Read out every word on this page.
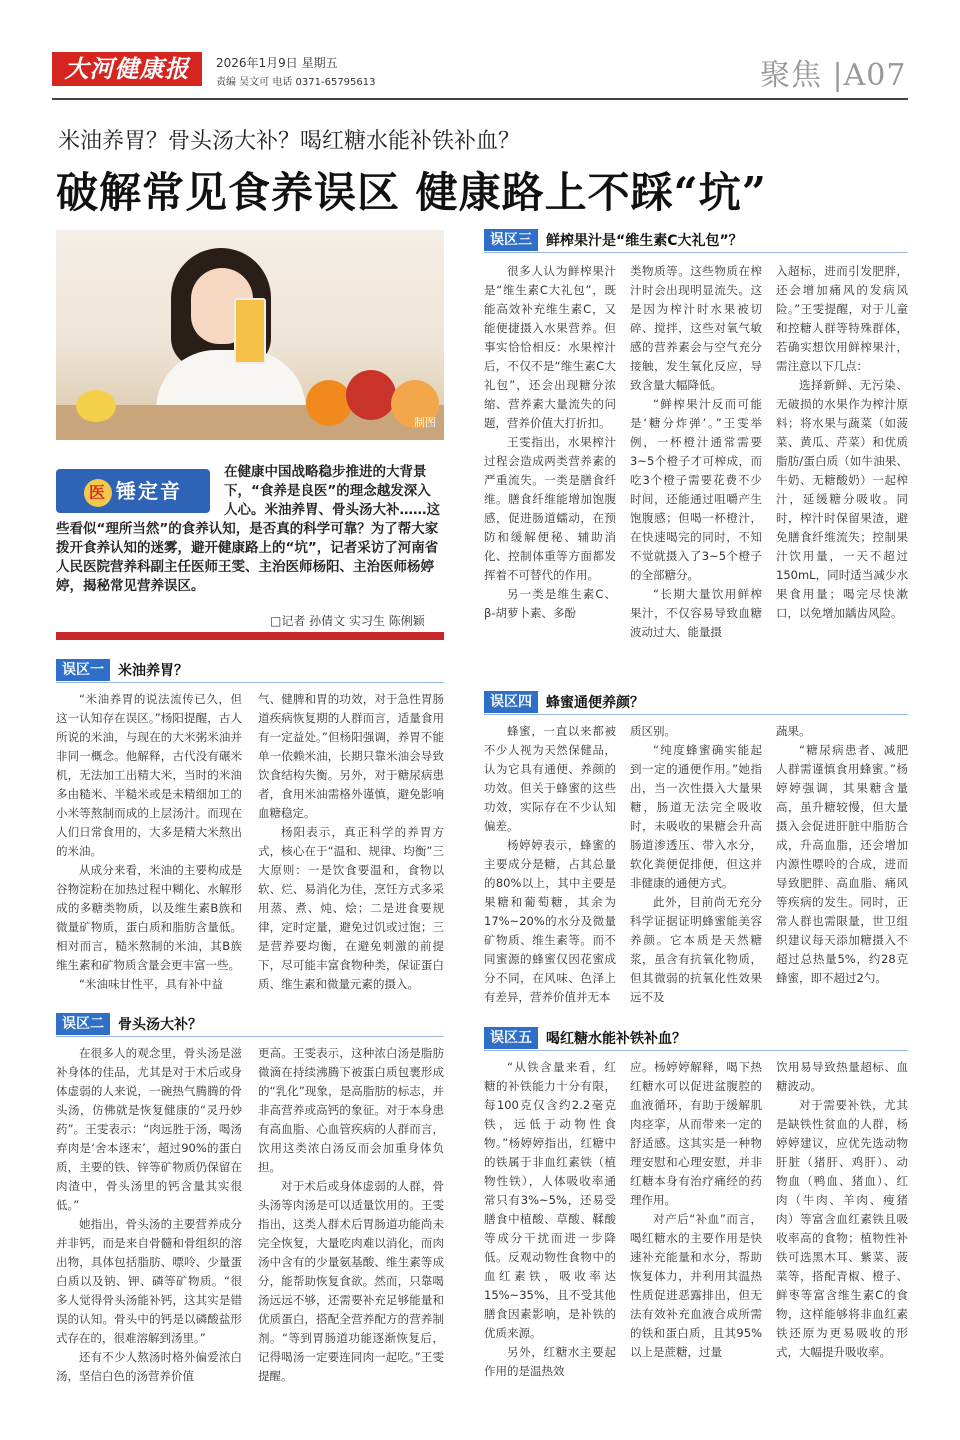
大河健康报	2026年1月9日 星期五
责编 吴文可 电话 0371-65795613	聚焦 |A07
米油养胃？骨头汤大补？喝红糖水能补铁补血？
破解常见食养误区 健康路上不踩“坑”
制图
在健康中国战略稳步推进的大背景下，“食养是良医”的理念越发深入人心。米油养胃、骨头汤大补……这些看似“理所当然”的食养认知，是否真的科学可靠？为了帮大家拨开食养认知的迷雾，避开健康路上的“坑”，记者采访了河南省人民医院营养科副主任医师王雯、主治医师杨阳、主治医师杨婷婷，揭秘常见营养误区。
医 锤定音
□记者 孙倩文 实习生 陈俐颖
误区一	米油养胃？

“米油养胃的说法流传已久，但这一认知存在误区。”杨阳提醒，古人所说的米油，与现在的大米粥米油并非同一概念。他解释，古代没有碾米机，无法加工出精大米，当时的米油多由糙米、半糙米或是未精细加工的小米等熬制而成的上层汤汁。而现在人们日常食用的，大多是精大米熬出的米油。

从成分来看，米油的主要构成是谷物淀粉在加热过程中糊化、水解形成的多糖类物质，以及维生素B族和微量矿物质，蛋白质和脂肪含量低。相对而言，糙米熬制的米油，其B族维生素和矿物质含量会更丰富一些。

“米油味甘性平，具有补中益

气、健脾和胃的功效，对于急性胃肠道疾病恢复期的人群而言，适量食用有一定益处。”但杨阳强调，养胃不能单一依赖米油，长期只靠米油会导致饮食结构失衡。另外，对于糖尿病患者，食用米油需格外谨慎，避免影响血糖稳定。

杨阳表示，真正科学的养胃方式，核心在于“温和、规律、均衡”三大原则：一是饮食要温和，食物以软、烂、易消化为佳，烹饪方式多采用蒸、煮、炖、烩；二是进食要规律，定时定量，避免过饥或过饱；三是营养要均衡，在避免刺激的前提下，尽可能丰富食物种类，保证蛋白质、维生素和微量元素的摄入。

误区二	骨头汤大补？

在很多人的观念里，骨头汤是滋补身体的佳品，尤其是对于术后或身体虚弱的人来说，一碗热气腾腾的骨头汤，仿佛就是恢复健康的“灵丹妙药”。王雯表示：“肉远胜于汤，喝汤弃肉是‘舍本逐末’，超过90%的蛋白质，主要的铁、锌等矿物质仍保留在肉渣中，骨头汤里的钙含量其实很低。”

她指出，骨头汤的主要营养成分并非钙，而是来自骨髓和骨组织的溶出物，具体包括脂肪、嘌呤、少量蛋白质以及钠、钾、磷等矿物质。“很多人觉得骨头汤能补钙，这其实是错误的认知。骨头中的钙是以磷酸盐形式存在的，很难溶解到汤里。”

还有不少人熬汤时格外偏爱浓白汤，坚信白色的汤营养价值

更高。王雯表示，这种浓白汤是脂肪微滴在持续沸腾下被蛋白质包裹形成的“乳化”现象，是高脂肪的标志，并非高营养或高钙的象征。对于本身患有高血脂、心血管疾病的人群而言，饮用这类浓白汤反而会加重身体负担。

对于术后或身体虚弱的人群，骨头汤等肉汤是可以适量饮用的。王雯指出，这类人群术后胃肠道功能尚未完全恢复，大量吃肉难以消化，而肉汤中含有的少量氨基酸、维生素等成分，能帮助恢复食欲。然而，只靠喝汤远远不够，还需要补充足够能量和优质蛋白，搭配全营养配方的营养制剂。“等到胃肠道功能逐渐恢复后，记得喝汤一定要连同肉一起吃。”王雯提醒。

误区三	鲜榨果汁是“维生素C大礼包”？

很多人认为鲜榨果汁是“维生素C大礼包”，既能高效补充维生素C，又能便捷摄入水果营养。但事实恰恰相反：水果榨汁后，不仅不是“维生素C大礼包”，还会出现糖分浓缩、营养素大量流失的问题，营养价值大打折扣。

王雯指出，水果榨汁过程会造成两类营养素的严重流失。一类是膳食纤维。膳食纤维能增加饱腹感，促进肠道蠕动，在预防和缓解便秘、辅助消化、控制体重等方面都发挥着不可替代的作用。

另一类是维生素C、β-胡萝卜素、多酚

类物质等。这些物质在榨汁时会出现明显流失。这是因为榨汁时水果被切碎、搅拌，这些对氧气敏感的营养素会与空气充分接触，发生氧化反应，导致含量大幅降低。

“鲜榨果汁反而可能是‘糖分炸弹’。”王雯举例，一杯橙汁通常需要3~5个橙子才可榨成，而吃3个橙子需要花费不少时间，还能通过咀嚼产生饱腹感；但喝一杯橙汁，在快速喝完的同时，不知不觉就摄入了3~5个橙子的全部糖分。

“长期大量饮用鲜榨果汁，不仅容易导致血糖波动过大、能量摄

入超标，进而引发肥胖，还会增加痛风的发病风险。”王雯提醒，对于儿童和控糖人群等特殊群体，若确实想饮用鲜榨果汁，需注意以下几点：

选择新鲜、无污染、无破损的水果作为榨汁原料；将水果与蔬菜（如菠菜、黄瓜、芹菜）和优质脂肪/蛋白质（如牛油果、牛奶、无糖酸奶）一起榨汁，延缓糖分吸收。同时，榨汁时保留果渣，避免膳食纤维流失；控制果汁饮用量，一天不超过150mL，同时适当减少水果食用量；喝完尽快漱口，以免增加龋齿风险。

误区四	蜂蜜通便养颜？

蜂蜜，一直以来都被不少人视为天然保健品，认为它具有通便、养颜的功效。但关于蜂蜜的这些功效，实际存在不少认知偏差。

杨婷婷表示，蜂蜜的主要成分是糖，占其总量的80%以上，其中主要是果糖和葡萄糖，其余为17%~20%的水分及微量矿物质、维生素等。而不同蜜源的蜂蜜仅因花蜜成分不同，在风味、色泽上有差异，营养价值并无本

质区别。

“纯度蜂蜜确实能起到一定的通便作用。”她指出，当一次性摄入大量果糖，肠道无法完全吸收时，未吸收的果糖会升高肠道渗透压、带入水分，软化粪便促排便，但这并非健康的通便方式。

此外，目前尚无充分科学证据证明蜂蜜能美容养颜。它本质是天然糖浆，虽含有抗氧化物质，但其微弱的抗氧化性效果远不及

蔬果。

“糖尿病患者、减肥人群需谨慎食用蜂蜜。”杨婷婷强调，其果糖含量高，虽升糖较慢，但大量摄入会促进肝脏中脂肪合成，升高血脂，还会增加内源性嘌呤的合成，进而导致肥胖、高血脂、痛风等疾病的发生。同时，正常人群也需限量，世卫组织建议每天添加糖摄入不超过总热量5%，约28克蜂蜜，即不超过2勺。

误区五	喝红糖水能补铁补血？

“从铁含量来看，红糖的补铁能力十分有限，每100克仅含约2.2毫克铁，远低于动物性食物。”杨婷婷指出，红糖中的铁属于非血红素铁（植物性铁），人体吸收率通常只有3%~5%，还易受膳食中植酸、草酸、鞣酸等成分干扰而进一步降低。反观动物性食物中的血红素铁，吸收率达15%~35%，且不受其他膳食因素影响，是补铁的优质来源。

另外，红糖水主要起作用的是温热效

应。杨婷婷解释，喝下热红糖水可以促进盆腹腔的血液循环，有助于缓解肌肉痉挛，从而带来一定的舒适感。这其实是一种物理安慰和心理安慰，并非红糖本身有治疗痛经的药理作用。

对产后“补血”而言，喝红糖水的主要作用是快速补充能量和水分，帮助恢复体力，并利用其温热性质促进恶露排出，但无法有效补充血液合成所需的铁和蛋白质，且其95%以上是蔗糖，过量

饮用易导致热量超标、血糖波动。

对于需要补铁，尤其是缺铁性贫血的人群，杨婷婷建议，应优先选动物肝脏（猪肝、鸡肝）、动物血（鸭血、猪血）、红肉（牛肉、羊肉、瘦猪肉）等富含血红素铁且吸收率高的食物；植物性补铁可选黑木耳、紫菜、菠菜等，搭配青椒、橙子、鲜枣等富含维生素C的食物，这样能够将非血红素铁还原为更易吸收的形式，大幅提升吸收率。
